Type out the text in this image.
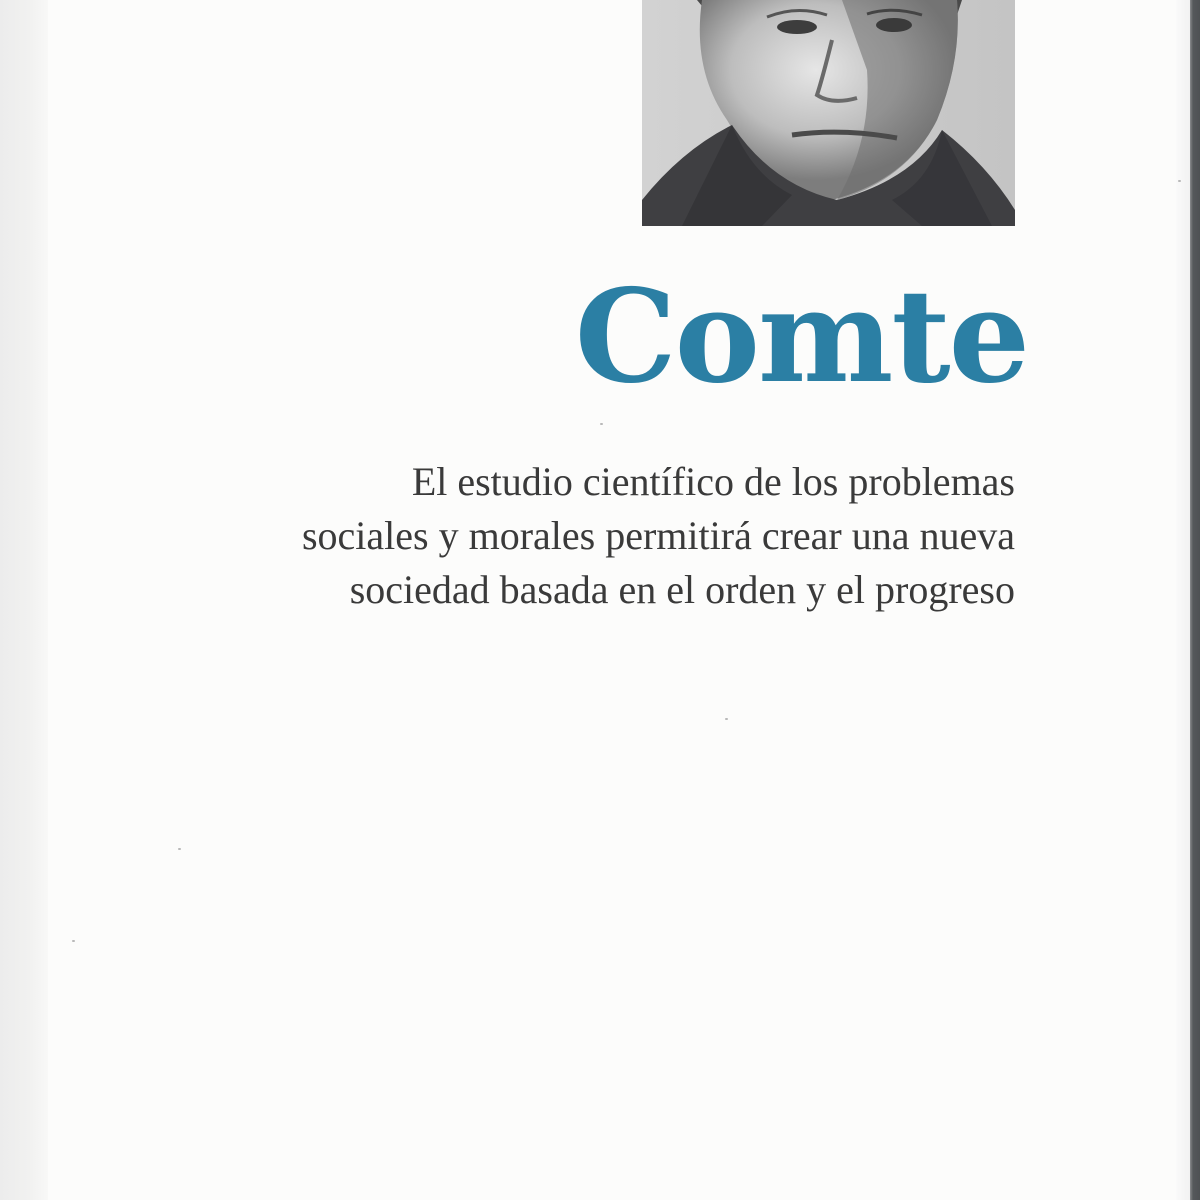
Comte
El estudio científico de los problemas
sociales y morales permitirá crear una nueva
sociedad basada en el orden y el progreso
